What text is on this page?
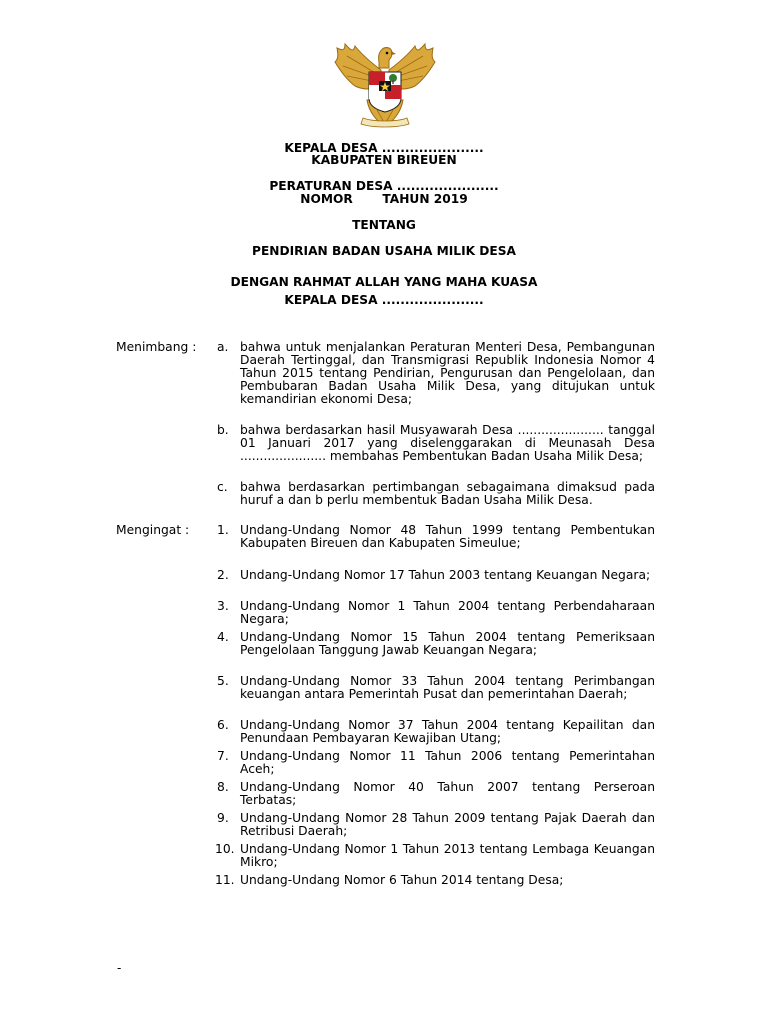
KEPALA DESA ......................
KABUPATEN BIREUEN
PERATURAN DESA ......................
NOMOR       TAHUN 2019
TENTANG
PENDIRIAN BADAN USAHA MILIK DESA
DENGAN RAHMAT ALLAH YANG MAHA KUASA
KEPALA DESA ......................
Menimbang : a. bahwa untuk menjalankan Peraturan Menteri Desa, Pembangunan Daerah Tertinggal, dan Transmigrasi Republik Indonesia Nomor 4 Tahun 2015 tentang Pendirian, Pengurusan dan Pengelolaan, dan Pembubaran Badan Usaha Milik Desa, yang ditujukan untuk kemandirian ekonomi Desa;
b. bahwa berdasarkan hasil Musyawarah Desa ...................... tanggal 01 Januari 2017 yang diselenggarakan di Meunasah Desa ...................... membahas Pembentukan Badan Usaha Milik Desa;
c. bahwa berdasarkan pertimbangan sebagaimana dimaksud pada huruf a dan b perlu membentuk Badan Usaha Milik Desa.
Mengingat : 1. Undang-Undang Nomor 48 Tahun 1999 tentang Pembentukan Kabupaten Bireuen dan Kabupaten Simeulue;
2. Undang-Undang Nomor 17 Tahun 2003 tentang Keuangan Negara;
3. Undang-Undang Nomor 1 Tahun 2004 tentang Perbendaharaan Negara;
4. Undang-Undang Nomor 15 Tahun 2004 tentang Pemeriksaan Pengelolaan Tanggung Jawab Keuangan Negara;
5. Undang-Undang Nomor 33 Tahun 2004 tentang Perimbangan keuangan antara Pemerintah Pusat dan pemerintahan Daerah;
6. Undang-Undang Nomor 37 Tahun 2004 tentang Kepailitan dan Penundaan Pembayaran Kewajiban Utang;
7. Undang-Undang Nomor 11 Tahun 2006 tentang Pemerintahan Aceh;
8. Undang-Undang Nomor 40 Tahun 2007 tentang Perseroan Terbatas;
9. Undang-Undang Nomor 28 Tahun 2009 tentang Pajak Daerah dan Retribusi Daerah;
10. Undang-Undang Nomor 1 Tahun 2013 tentang Lembaga Keuangan Mikro;
11. Undang-Undang Nomor 6 Tahun 2014 tentang Desa;
-
